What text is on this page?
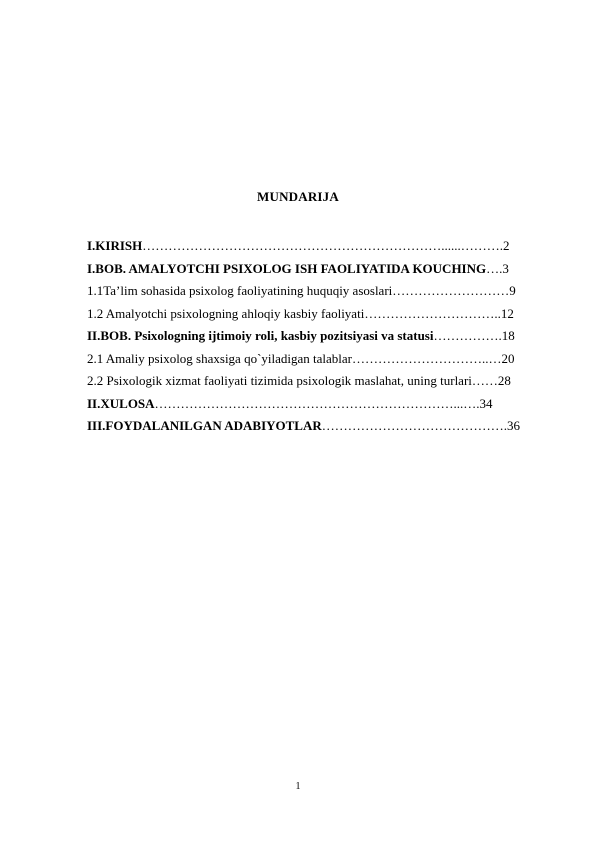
MUNDARIJA
I.KIRISH……………………………………………………………......……….2
I.BOB. AMALYOTCHI PSIXOLOG ISH FAOLIYATIDA KOUCHING….3
1.1Ta’lim sohasida psixolog faoliyatining huquqiy asoslari………………………9
1.2 Amalyotchi psixologning ahloqiy kasbiy faoliyati…………………………..12
II.BOB. Psixologning ijtimoiy roli, kasbiy pozitsiyasi va statusi…………….18
2.1 Amaliy psixolog shaxsiga qo`yiladigan talablar…………………………..…20
2.2 Psixologik xizmat faoliyati tizimida psixologik maslahat, uning turlari……28
II.XULOSA……………………………………………………………...….34
III.FOYDALANILGAN ADABIYOTLAR…………………………………….36
1
